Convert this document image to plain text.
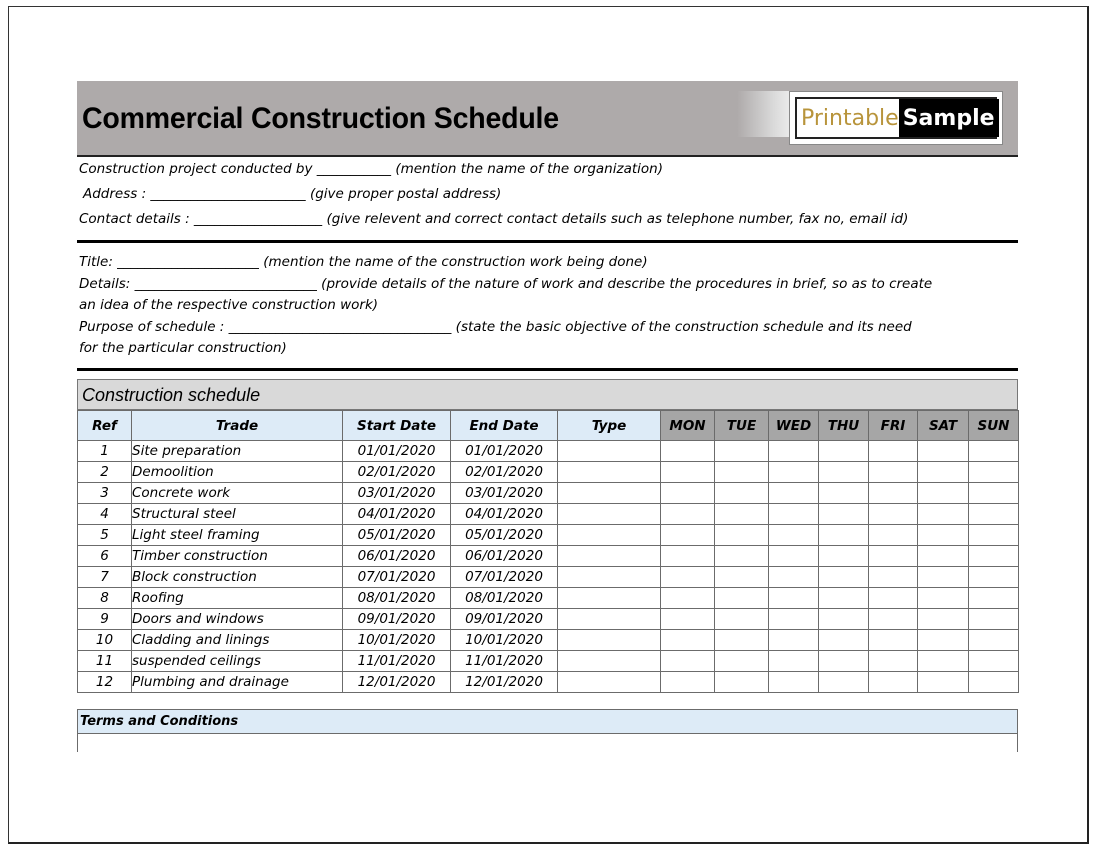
Commercial Construction Schedule	Printable Sample
Construction project conducted by ___________ (mention the name of the organization)
Address : _______________________ (give proper postal address)
Contact details : ___________________ (give relevent and correct contact details such as telephone number, fax no, email id)
Title: _____________________ (mention the name of the construction work being done)
Details: ___________________________ (provide details of the nature of work and describe the procedures in brief, so as to create
an idea of the respective construction work)
Purpose of schedule : _________________________________ (state the basic objective of the construction schedule and its need
for the particular construction)
Construction schedule
Ref	Trade	Start Date	End Date	Type	MON	TUE	WED	THU	FRI	SAT	SUN
1	Site preparation	01/01/2020	01/01/2020								
2	Demoolition	02/01/2020	02/01/2020								
3	Concrete work	03/01/2020	03/01/2020								
4	Structural steel	04/01/2020	04/01/2020								
5	Light steel framing	05/01/2020	05/01/2020								
6	Timber construction	06/01/2020	06/01/2020								
7	Block construction	07/01/2020	07/01/2020								
8	Roofing	08/01/2020	08/01/2020								
9	Doors and windows	09/01/2020	09/01/2020								
10	Cladding and linings	10/01/2020	10/01/2020								
11	suspended ceilings	11/01/2020	11/01/2020								
12	Plumbing and drainage	12/01/2020	12/01/2020								
Terms and Conditions
